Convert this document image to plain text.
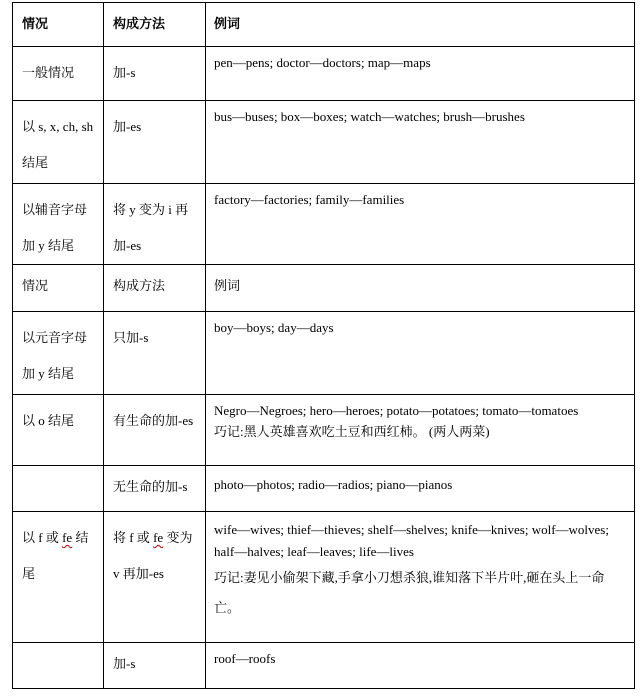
情况	构成方法	例词

一般情况	加-s	pen—pens; doctor—doctors; map—maps

以 s, x, ch, sh 结尾	加-es	bus—buses; box—boxes; watch—watches; brush—brushes

以辅音字母加 y 结尾	将 y 变为 i 再加-es	factory—factories; family—families

情况	构成方法	例词

以元音字母加 y 结尾	只加-s	boy—boys; day—days

以 o 结尾	有生命的加-es	Negro—Negroes; hero—heroes; potato—potatoes; tomato—tomatoes
巧记:黑人英雄喜欢吃土豆和西红柿。 (两人两菜)

	无生命的加-s	photo—photos; radio—radios; piano—pianos

以 f 或 fe 结尾	将 f 或 fe 变为 v 再加-es	wife—wives; thief—thieves; shelf—shelves; knife—knives; wolf—wolves; half—halves; leaf—leaves; life—lives
巧记:妻见小偷架下藏,手拿小刀想杀狼,谁知落下半片叶,砸在头上一命亡。

	加-s	roof—roofs
